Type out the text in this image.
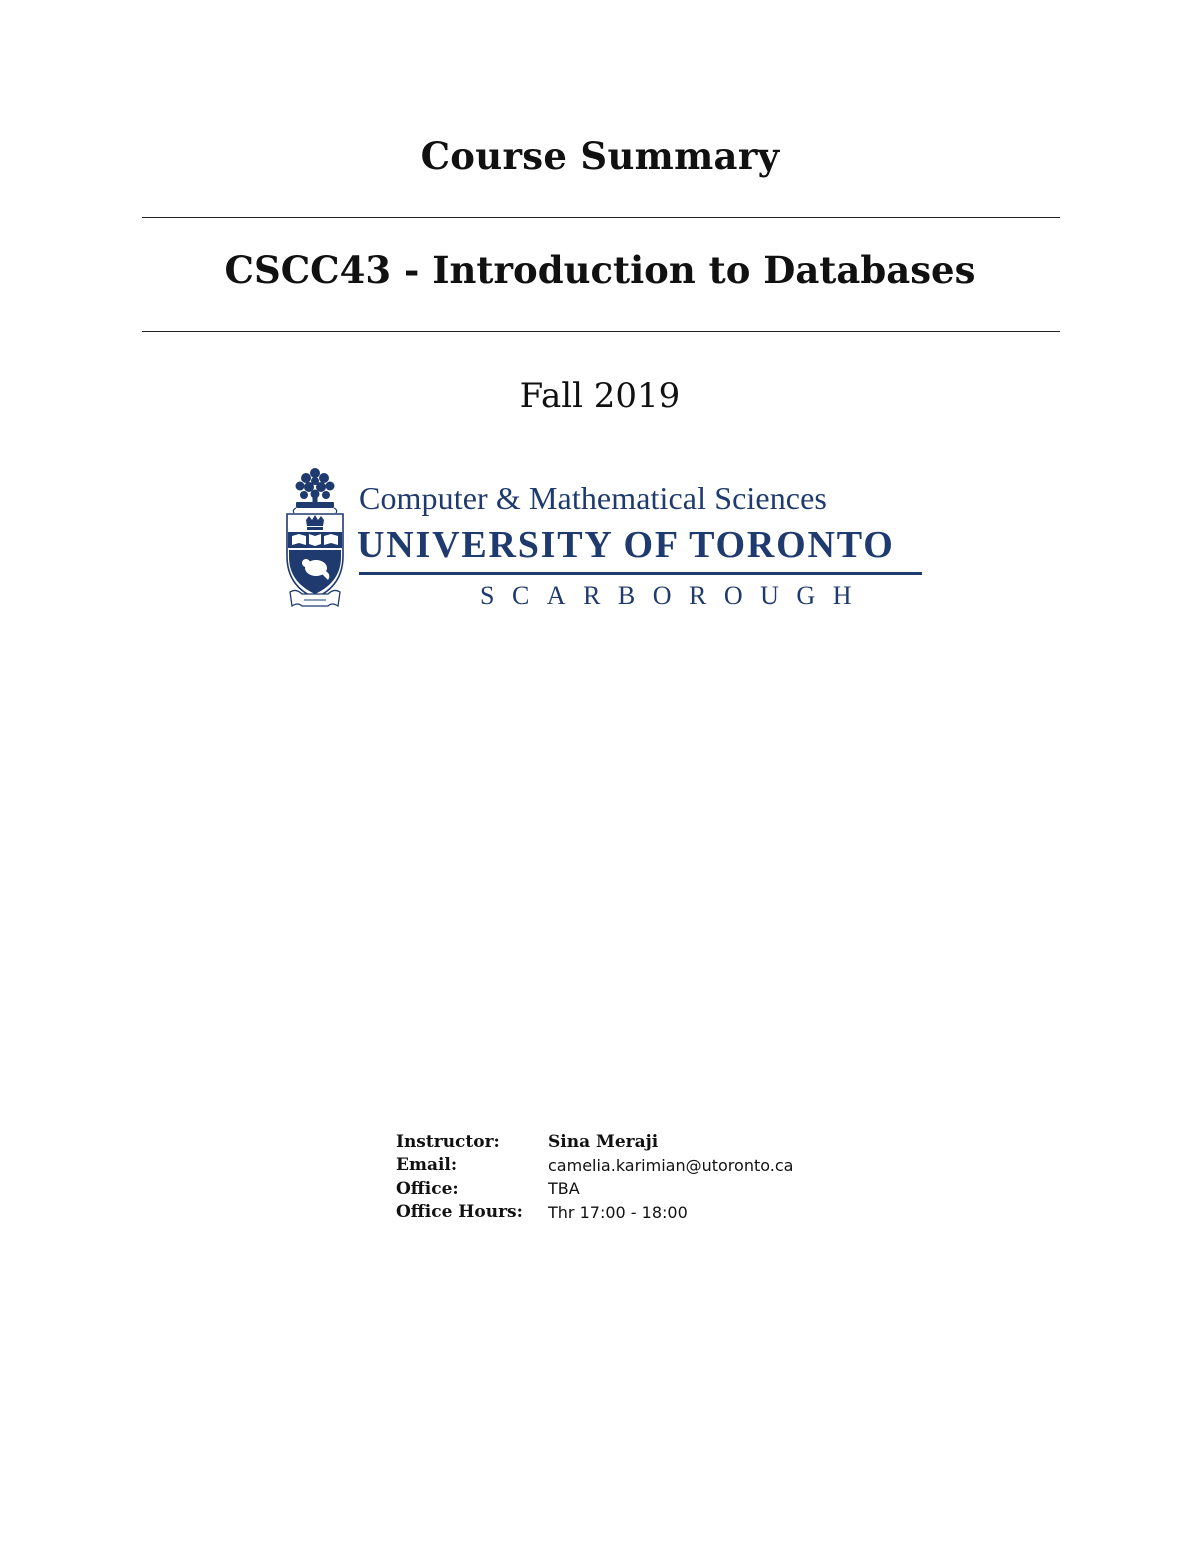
Course Summary
CSCC43 - Introduction to Databases
Fall 2019
Computer & Mathematical Sciences
UNIVERSITY OF TORONTO
SCARBOROUGH
Instructor:	Sina Meraji
Email:	camelia.karimian@utoronto.ca
Office:	TBA
Office Hours:	Thr 17:00 - 18:00
